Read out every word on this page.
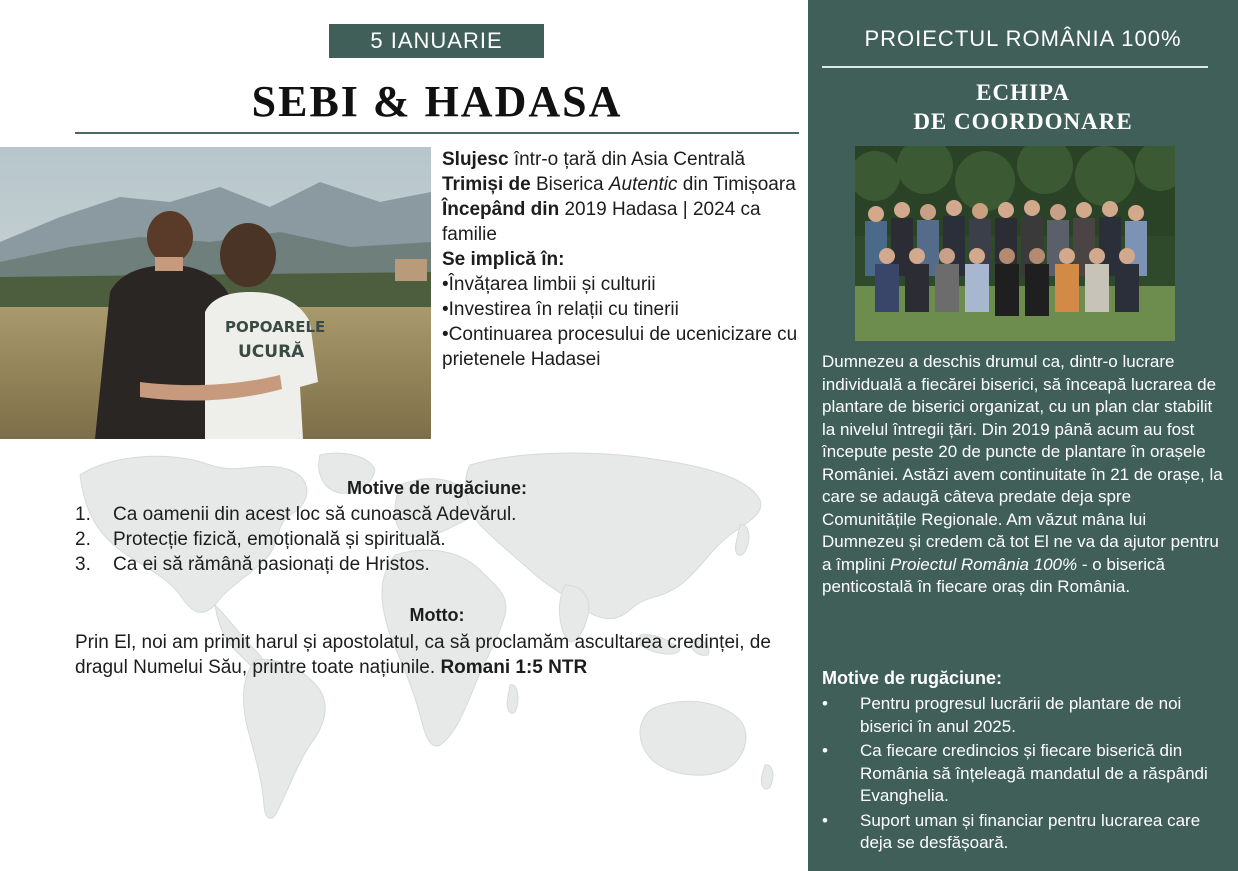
5 IANUARIE
SEBI & HADASA
POPOARELE
UCURĂ
Slujesc într-o țară din Asia Centrală
Trimiși de Biserica Autentic din Timișoara
Începând din 2019 Hadasa | 2024 ca familie
Se implică în:
•Învățarea limbii și culturii
•Investirea în relații cu tinerii
•Continuarea procesului de ucenicizare cu prietenele Hadasei
Motive de rugăciune:
1.	Ca oamenii din acest loc să cunoască Adevărul.
2.	Protecție fizică, emoțională și spirituală.
3.	Ca ei să rămână pasionați de Hristos.
Motto:
Prin El, noi am primit harul și apostolatul, ca să proclamăm ascultarea credinței, de dragul Numelui Său, printre toate națiunile. Romani 1:5 NTR
PROIECTUL ROMÂNIA 100%
ECHIPA
DE COORDONARE
Dumnezeu a deschis drumul ca, dintr-o lucrare individuală a fiecărei biserici, să înceapă lucrarea de plantare de biserici organizat, cu un plan clar stabilit la nivelul întregii țări. Din 2019 până acum au fost începute peste 20 de puncte de plantare în orașele României. Astăzi avem continuitate în 21 de orașe, la care se adaugă câteva predate deja spre Comunitățile Regionale. Am văzut mâna lui Dumnezeu și credem că tot El ne va da ajutor pentru a împlini Proiectul România 100% - o biserică penticostală în fiecare oraș din România.
Motive de rugăciune:
•	Pentru progresul lucrării de plantare de noi biserici în anul 2025.
•	Ca fiecare credincios și fiecare biserică din România să înțeleagă mandatul de a răspândi Evanghelia.
•	Suport uman și financiar pentru lucrarea care deja se desfășoară.
